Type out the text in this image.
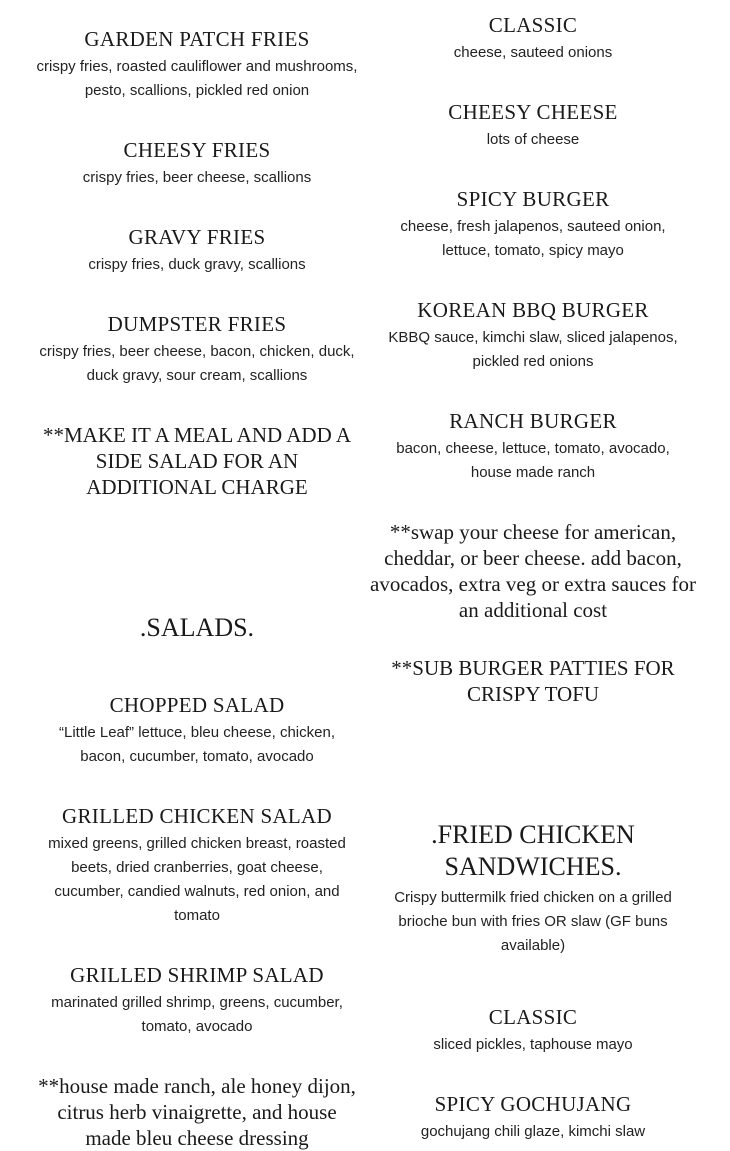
GARDEN PATCH FRIES
crispy fries, roasted cauliflower and mushrooms, pesto, scallions, pickled red onion
CHEESY FRIES
crispy fries, beer cheese, scallions
GRAVY FRIES
crispy fries, duck gravy, scallions
DUMPSTER FRIES
crispy fries, beer cheese, bacon, chicken, duck, duck gravy, sour cream, scallions
**MAKE IT A MEAL AND ADD A SIDE SALAD FOR AN ADDITIONAL CHARGE
.SALADS.
CHOPPED SALAD
“Little Leaf” lettuce, bleu cheese, chicken, bacon, cucumber, tomato, avocado
GRILLED CHICKEN SALAD
mixed greens, grilled chicken breast, roasted beets, dried cranberries, goat cheese, cucumber, candied walnuts, red onion, and tomato
GRILLED SHRIMP SALAD
marinated grilled shrimp, greens, cucumber, tomato, avocado
**house made ranch, ale honey dijon, citrus herb vinaigrette, and house made bleu cheese dressing
CLASSIC
cheese, sauteed onions
CHEESY CHEESE
lots of cheese
SPICY BURGER
cheese, fresh jalapenos, sauteed onion, lettuce, tomato, spicy mayo
KOREAN BBQ BURGER
KBBQ sauce, kimchi slaw, sliced jalapenos, pickled red onions
RANCH BURGER
bacon, cheese, lettuce, tomato, avocado, house made ranch
**swap your cheese for american, cheddar, or beer cheese. add bacon, avocados, extra veg or extra sauces for an additional cost
**SUB BURGER PATTIES FOR CRISPY TOFU
.FRIED CHICKEN SANDWICHES.
Crispy buttermilk fried chicken on a grilled brioche bun with fries OR slaw (GF buns available)
CLASSIC
sliced pickles, taphouse mayo
SPICY GOCHUJANG
gochujang chili glaze, kimchi slaw
